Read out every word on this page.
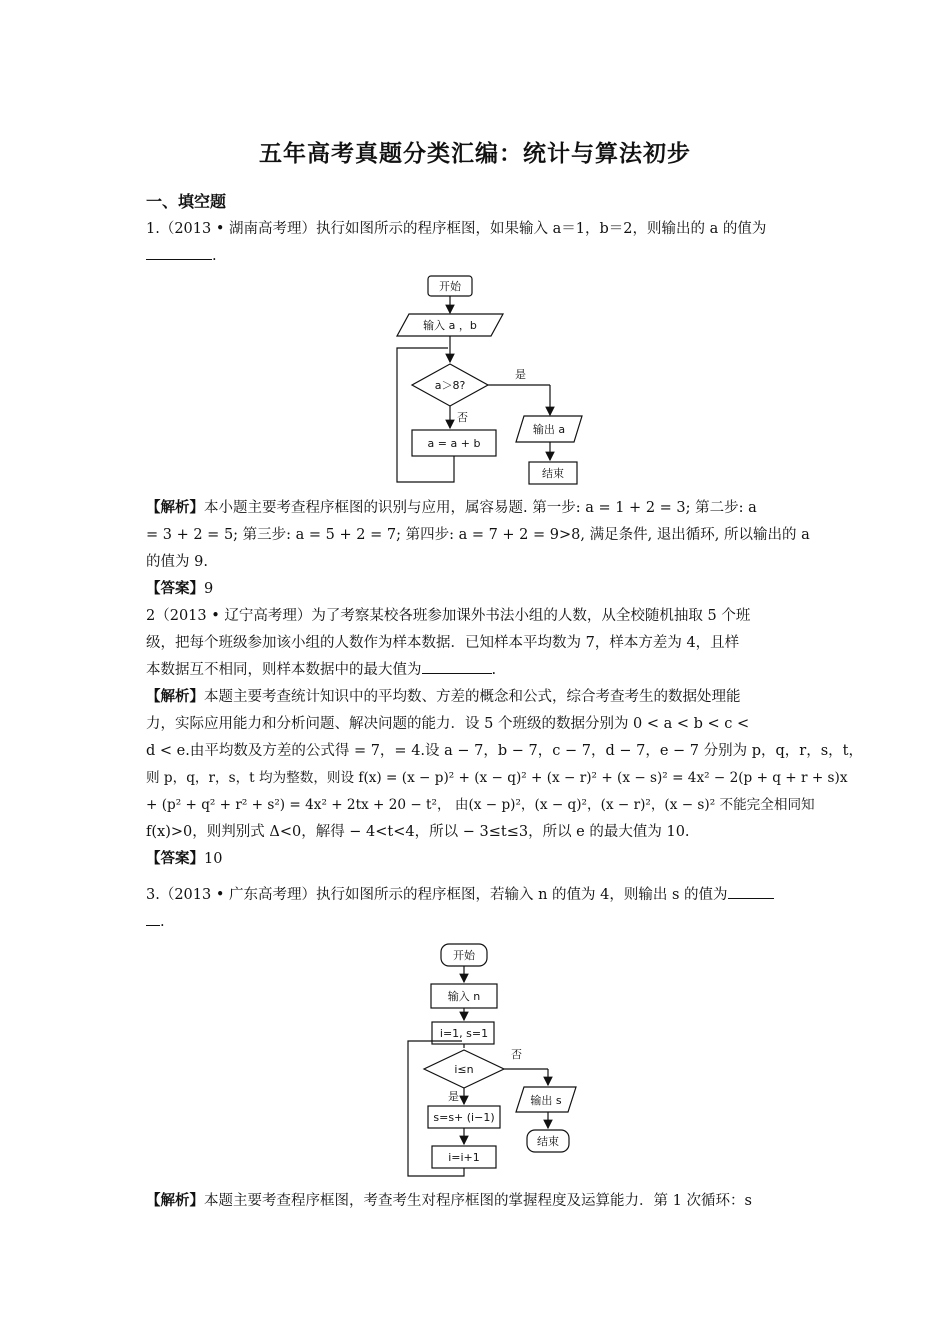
五年高考真题分类汇编：统计与算法初步
一、填空题
1.（2013 • 湖南高考理）执行如图所示的程序框图，如果输入 a＝1，b＝2，则输出的 a 的值为
.
开始
输入 a ，b
a＞8?
是
否
a = a + b
输出 a
结束
【解析】本小题主要考查程序框图的识别与应用，属容易题. 第一步: a = 1 + 2 = 3; 第二步: a
= 3 + 2 = 5; 第三步: a = 5 + 2 = 7; 第四步: a = 7 + 2 = 9>8, 满足条件, 退出循环, 所以输出的 a
的值为 9.
【答案】9
2（2013 • 辽宁高考理）为了考察某校各班参加课外书法小组的人数，从全校随机抽取 5 个班
级，把每个班级参加该小组的人数作为样本数据．已知样本平均数为 7，样本方差为 4，且样
本数据互不相同，则样本数据中的最大值为	.
【解析】本题主要考查统计知识中的平均数、方差的概念和公式，综合考查考生的数据处理能
力，实际应用能力和分析问题、解决问题的能力．设 5 个班级的数据分别为 0 < a < b < c <
d < e.由平均数及方差的公式得 = 7，= 4.设 a − 7，b − 7，c − 7，d − 7，e − 7 分别为 p，q，r，s，t，
则 p，q，r，s，t 均为整数，则设 f(x) = (x − p)² + (x − q)² + (x − r)² + (x − s)² = 4x² − 2(p + q + r + s)x
+ (p² + q² + r² + s²) = 4x² + 2tx + 20 − t²， 由(x − p)²，(x − q)²，(x − r)²，(x − s)² 不能完全相同知
f(x)>0，则判别式 Δ<0，解得 − 4<t<4，所以 − 3≤t≤3，所以 e 的最大值为 10.
【答案】10
3.（2013 • 广东高考理）执行如图所示的程序框图，若输入 n 的值为 4，则输出 s 的值为
.
开始
输入 n
i=1, s=1
i≤n
否
是
s=s+ (i−1)
i=i+1
输出 s
结束
【解析】本题主要考查程序框图，考查考生对程序框图的掌握程度及运算能力．第 1 次循环：s
